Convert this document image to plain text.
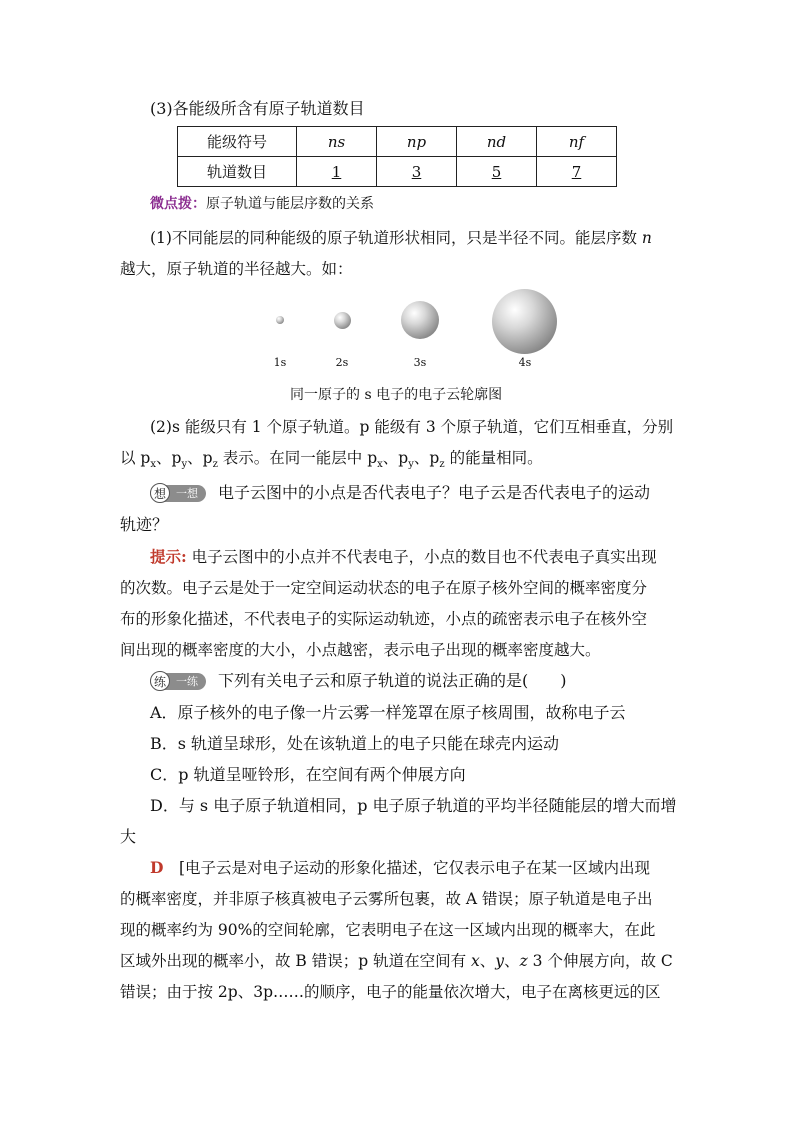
(3)各能级所含有原子轨道数目
能级符号	ns	np	nd	nf
轨道数目	1	3	5	7
微点拨：原子轨道与能层序数的关系
(1)不同能层的同种能级的原子轨道形状相同，只是半径不同。能层序数 n
越大，原子轨道的半径越大。如：
1s	2s	3s	4s
同一原子的 s 电子的电子云轮廓图
(2)s 能级只有 1 个原子轨道。p 能级有 3 个原子轨道，它们互相垂直，分别
以 $p_x$、$p_y$、$p_z$ 表示。在同一能层中 $p_x$、$p_y$、$p_z$ 的能量相同。
想 一想 电子云图中的小点是否代表电子？电子云是否代表电子的运动
轨迹？
提示: 电子云图中的小点并不代表电子，小点的数目也不代表电子真实出现
的次数。电子云是处于一定空间运动状态的电子在原子核外空间的概率密度分
布的形象化描述，不代表电子的实际运动轨迹，小点的疏密表示电子在核外空
间出现的概率密度的大小，小点越密，表示电子出现的概率密度越大。
练 一练 下列有关电子云和原子轨道的说法正确的是(　　)
A．原子核外的电子像一片云雾一样笼罩在原子核周围，故称电子云
B．s 轨道呈球形，处在该轨道上的电子只能在球壳内运动
C．p 轨道呈哑铃形，在空间有两个伸展方向
D．与 s 电子原子轨道相同，p 电子原子轨道的平均半径随能层的增大而增
大
D　[电子云是对电子运动的形象化描述，它仅表示电子在某一区域内出现
的概率密度，并非原子核真被电子云雾所包裹，故 A 错误；原子轨道是电子出
现的概率约为 90%的空间轮廓，它表明电子在这一区域内出现的概率大，在此
区域外出现的概率小，故 B 错误；p 轨道在空间有 x、y、z 3 个伸展方向，故 C
错误；由于按 2p、3p……的顺序，电子的能量依次增大，电子在离核更远的区
